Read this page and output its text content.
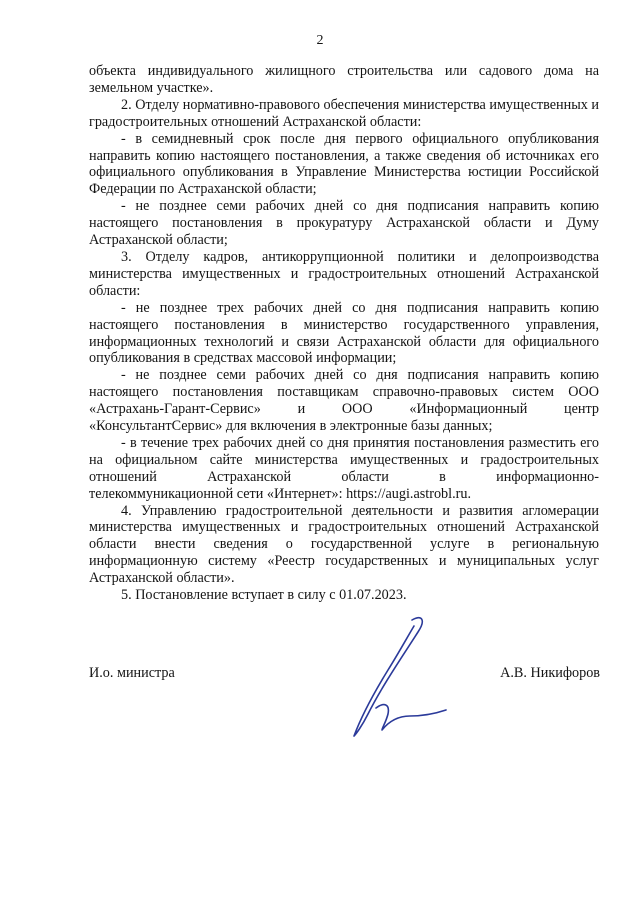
2

объекта индивидуального жилищного строительства или садового дома на земельном участке».

2. Отделу нормативно-правового обеспечения министерства имущественных и градостроительных отношений Астраханской области:

- в семидневный срок после дня первого официального опубликования направить копию настоящего постановления, а также сведения об источниках его официального опубликования в Управление Министерства юстиции Российской Федерации по Астраханской области;

- не позднее семи рабочих дней со дня подписания направить копию настоящего постановления в прокуратуру Астраханской области и Думу Астраханской области;

3. Отделу кадров, антикоррупционной политики и делопроизводства министерства имущественных и градостроительных отношений Астраханской области:

- не позднее трех рабочих дней со дня подписания направить копию настоящего постановления в министерство государственного управления, информационных технологий и связи Астраханской области для официального опубликования в средствах массовой информации;

- не позднее семи рабочих дней со дня подписания направить копию настоящего постановления поставщикам справочно-правовых систем ООО «Астрахань-Гарант-Сервис» и ООО «Информационный центр «КонсультантСервис» для включения в электронные базы данных;

- в течение трех рабочих дней со дня принятия постановления разместить его на официальном сайте министерства имущественных и градостроительных отношений Астраханской области в информационно-

телекоммуникационной сети «Интернет»: https://augi.astrobl.ru.

4. Управлению градостроительной деятельности и развития агломерации министерства имущественных и градостроительных отношений Астраханской области внести сведения о государственной услуге в региональную информационную систему «Реестр государственных и муниципальных услуг Астраханской области».

5. Постановление вступает в силу с 01.07.2023.

И.о. министра	А.В. Никифоров
